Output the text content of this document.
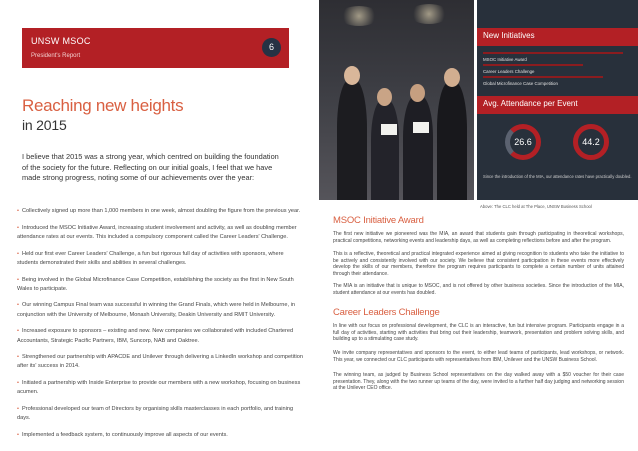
UNSW MSOC
President's Report
6
Reaching new heights
in 2015
I believe that 2015 was a strong year, which centred on building the foundation of the society for the future. Reflecting on our initial goals, I feel that we have made strong progress, noting some of our achievements over the year:
• Collectively signed up more than 1,000 members in one week, almost doubling the figure from the previous year.
• Introduced the MSOC Initiative Award, increasing student involvement and activity, as well as doubling member attendance rates at our events. This included a compulsory component called the Career Leaders' Challenge.
• Held our first ever Career Leaders' Challenge, a fun but rigorous full day of activities with sponsors, where students demonstrated their skills and abilities in several challenges.
• Being involved in the Global Microfinance Case Competition, establishing the society as the first in New South Wales to participate.
• Our winning Campus Final team was successful in winning the Grand Finals, which were held in Melbourne, in conjunction with the University of Melbourne, Monash University, Deakin University and RMIT University.
• Increased exposure to sponsors – existing and new. New companies we collaborated with included Chartered Accountants, Strategic Pacific Partners, IBM, Suncorp, NAB and Oaktree.
• Strengthened our partnership with APACDE and Unilever through delivering a LinkedIn workshop and competition after its' success in 2014.
• Initiated a partnership with Inside Enterprise to provide our members with a new workshop, focusing on business acumen.
• Professional developed our team of Directors by organising skills masterclasses in each portfolio, and training days.
• Implemented a feedback system, to continuously improve all aspects of our events.
New Initiatives
MSOC Initiative Award
Career Leaders Challenge
Global Microfinance Case Competition
Avg. Attendance per Event
26.6	44.2
Since the introduction of the MIA, our attendance rates have practically doubled.
Above: The CLC held at The Place, UNSW Business School
MSOC Initiative Award
The first new initiative we pioneered was the MIA, an award that students gain through participating in theoretical workshops, practical competitions, networking events and leadership days, as well as completing reflections before and after the program.
This is a reflective, theoretical and practical integrated experience aimed at giving recognition to students who take the initiative to be actively and consistently involved with our society. We believe that consistent participation in these events more effectively develop the skills of our members, therefore the program requires participants to complete a certain number of units attained through their attendance.
The MIA is an initiative that is unique to MSOC, and is not offered by other business societies. Since the introduction of the MIA, student attendance at our events has doubled.
Career Leaders Challenge
In line with our focus on professional development, the CLC is an interactive, fun but intensive program. Participants engage in a full day of activities, starting with activities that bring out their leadership, teamwork, presentation and problem solving skills, and building up to a stimulating case study.
We invite company representatives and sponsors to the event, to either lead teams of participants, lead workshops, or network. This year, we connected our CLC participants with representatives from IBM, Unilever and the UNSW Business School.
The winning team, as judged by Business School representatives on the day walked away with a $50 voucher for their case presentation. They, along with the two runner up teams of the day, were invited to a further half day judging and networking session at the Unilever CEO office.
